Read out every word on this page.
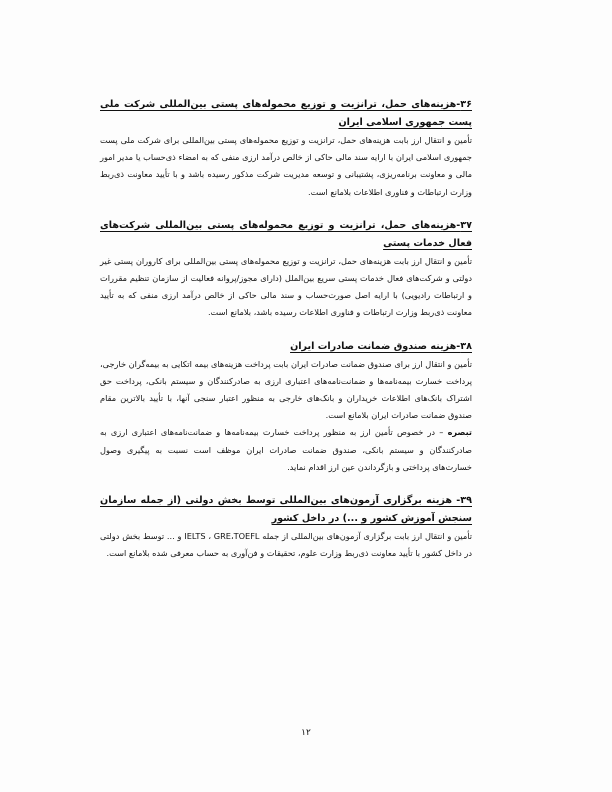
۳۶-هزینه‌های حمل، ترانزیت و توزیع محموله‌های پستی بین‌المللی شرکت ملی پست جمهوری اسلامی ایران

تأمین و انتقال ارز بابت هزینه‌های حمل، ترانزیت و توزیع محموله‌های پستی بین‌المللی برای شرکت ملی پست جمهوری اسلامی ایران با ارایه سند مالی حاکی از خالص درآمد ارزی منفی که به امضاء ذی‌حساب یا مدیر امور مالی و معاونت برنامه‌ریزی، پشتیبانی و توسعه مدیریت شرکت مذکور رسیده باشد و با تأیید معاونت ذی‌ربط وزارت ارتباطات و فناوری اطلاعات بلامانع است.

۳۷-هزینه‌های حمل، ترانزیت و توزیع محموله‌های پستی بین‌المللی شرکت‌های فعال خدمات پستی

تأمین و انتقال ارز بابت هزینه‌های حمل، ترانزیت و توزیع محموله‌های پستی بین‌المللی برای کاروران پستی غیر دولتی و شرکت‌های فعال خدمات پستی سریع بین‌الملل (دارای مجوز/پروانه فعالیت از سازمان تنظیم مقررات و ارتباطات رادیویی) با ارایه اصل صورت‌حساب و سند مالی حاکی از خالص درآمد ارزی منفی که به تأیید معاونت ذی‌ربط وزارت ارتباطات و فناوری اطلاعات رسیده باشد، بلامانع است.

۳۸-هزینه صندوق ضمانت صادرات ایران

تأمین و انتقال ارز برای صندوق ضمانت صادرات ایران بابت پرداخت هزینه‌های بیمه اتکایی به بیمه‌گران خارجی، پرداخت خسارت بیمه‌نامه‌ها و ضمانت‌نامه‌های اعتباری ارزی به صادرکنندگان و سیستم بانکی، پرداخت حق اشتراک بانک‌های اطلاعات خریداران و بانک‌های خارجی به منظور اعتبار سنجی آنها، با تأیید بالاترین مقام صندوق ضمانت صادرات ایران بلامانع است.

تبصره – در خصوص تأمین ارز به منظور پرداخت خسارت بیمه‌نامه‌ها و ضمانت‌نامه‌های اعتباری ارزی به صادرکنندگان و سیستم بانکی، صندوق ضمانت صادرات ایران موظف است نسبت به پیگیری وصول خسارت‌های پرداختی و بازگرداندن عین ارز اقدام نماید.

۳۹- هزینه برگزاری آزمون‌های بین‌المللی توسط بخش دولتی (از جمله سازمان سنجش آموزش کشور و ...) در داخل کشور

تأمین و انتقال ارز بابت برگزاری آزمون‌های بین‌المللی از جمله IELTS ، GRE،TOEFL و ... توسط بخش دولتی در داخل کشور با تأیید معاونت ذی‌ربط وزارت علوم، تحقیقات و فن‌آوری به حساب معرفی شده بلامانع است.

۱۲
